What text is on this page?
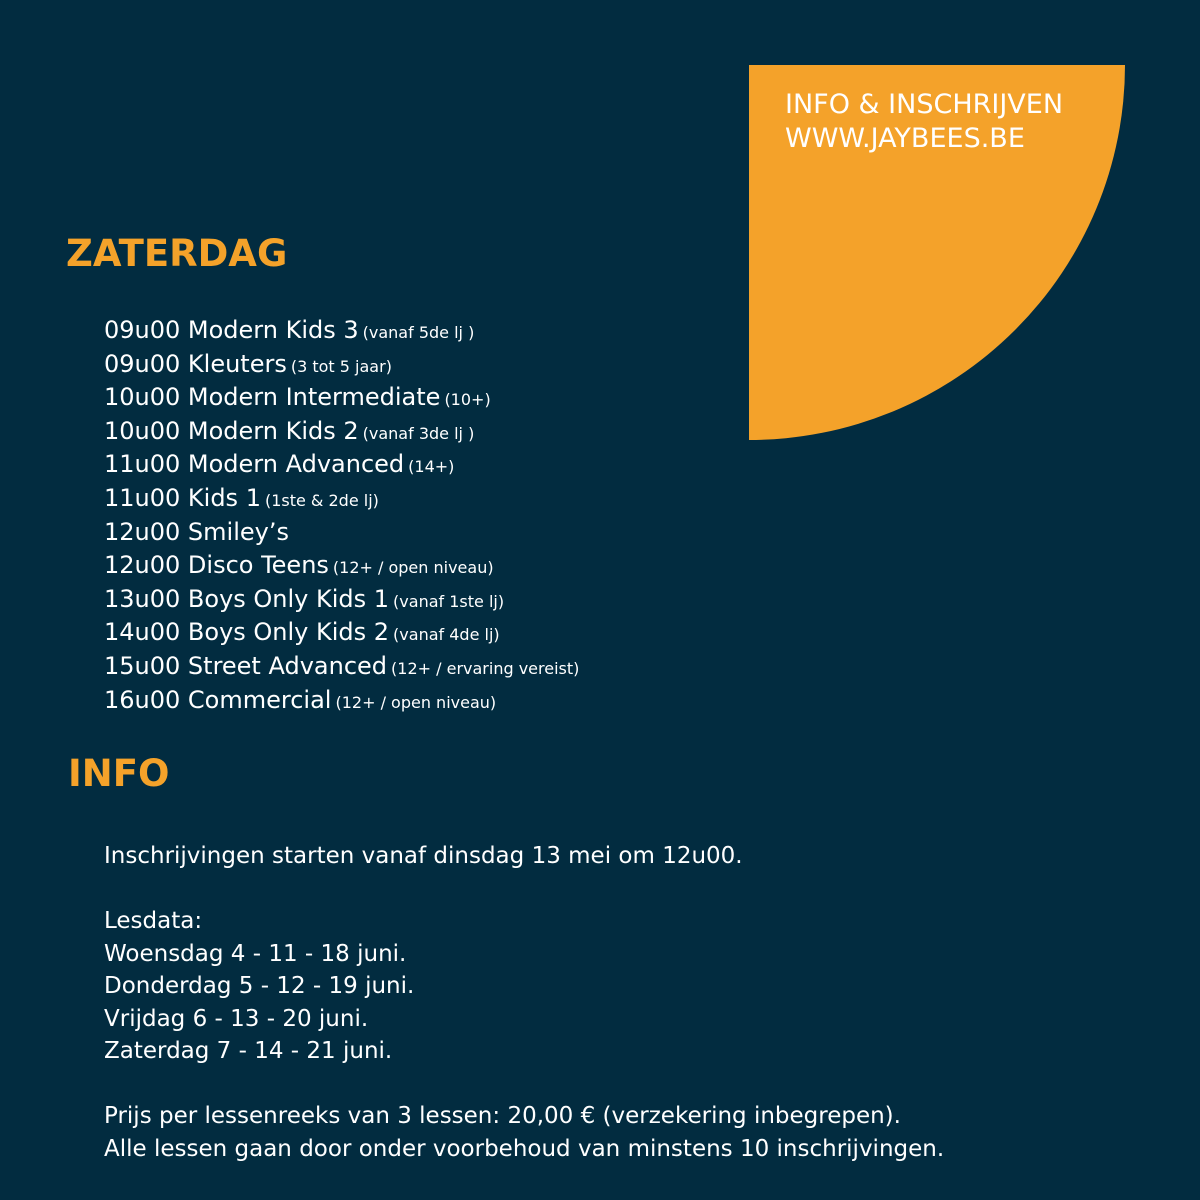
INFO & INSCHRIJVEN
WWW.JAYBEES.BE
ZATERDAG
09u00 Modern Kids 3 (vanaf 5de lj )
09u00 Kleuters (3 tot 5 jaar)
10u00 Modern Intermediate (10+)
10u00 Modern Kids 2 (vanaf 3de lj )
11u00 Modern Advanced (14+)
11u00 Kids 1 (1ste & 2de lj)
12u00 Smiley’s
12u00 Disco Teens (12+ / open niveau)
13u00 Boys Only Kids 1 (vanaf 1ste lj)
14u00 Boys Only Kids 2 (vanaf 4de lj)
15u00 Street Advanced (12+ / ervaring vereist)
16u00 Commercial (12+ / open niveau)
INFO
Inschrijvingen starten vanaf dinsdag 13 mei om 12u00.
Lesdata:
Woensdag 4 - 11 - 18 juni.
Donderdag 5 - 12 - 19 juni.
Vrijdag 6 - 13 - 20 juni.
Zaterdag 7 - 14 - 21 juni.
Prijs per lessenreeks van 3 lessen: 20,00 € (verzekering inbegrepen).
Alle lessen gaan door onder voorbehoud van minstens 10 inschrijvingen.
